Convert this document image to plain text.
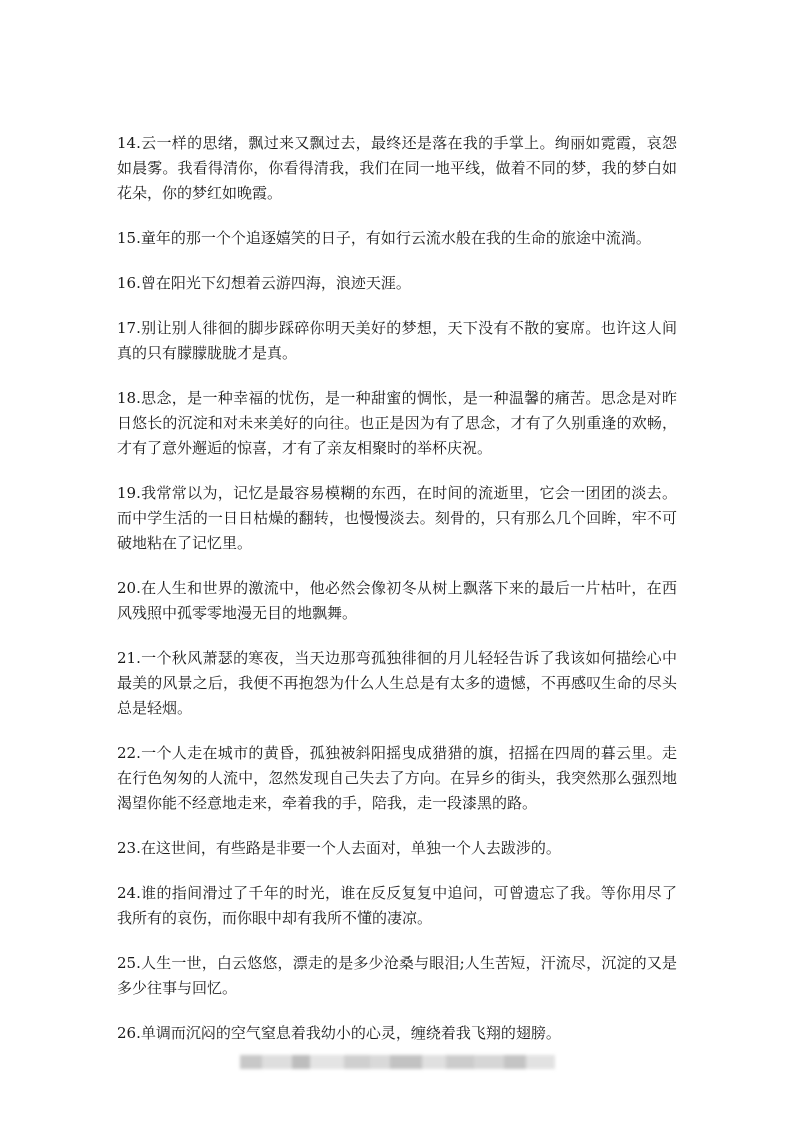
14.云一样的思绪，飘过来又飘过去，最终还是落在我的手掌上。绚丽如霓霞，哀怨如晨雾。我看得清你，你看得清我，我们在同一地平线，做着不同的梦，我的梦白如花朵，你的梦红如晚霞。

15.童年的那一个个追逐嬉笑的日子，有如行云流水般在我的生命的旅途中流淌。

16.曾在阳光下幻想着云游四海，浪迹天涯。

17.别让别人徘徊的脚步踩碎你明天美好的梦想，天下没有不散的宴席。也许这人间真的只有朦朦胧胧才是真。

18.思念，是一种幸福的忧伤，是一种甜蜜的惆怅，是一种温馨的痛苦。思念是对昨日悠长的沉淀和对未来美好的向往。也正是因为有了思念，才有了久别重逢的欢畅，才有了意外邂逅的惊喜，才有了亲友相聚时的举杯庆祝。

19.我常常以为，记忆是最容易模糊的东西，在时间的流逝里，它会一团团的淡去。而中学生活的一日日枯燥的翻转，也慢慢淡去。刻骨的，只有那么几个回眸，牢不可破地粘在了记忆里。

20.在人生和世界的激流中，他必然会像初冬从树上飘落下来的最后一片枯叶，在西风残照中孤零零地漫无目的地飘舞。

21.一个秋风萧瑟的寒夜，当天边那弯孤独徘徊的月儿轻轻告诉了我该如何描绘心中最美的风景之后，我便不再抱怨为什么人生总是有太多的遗憾，不再感叹生命的尽头总是轻烟。

22.一个人走在城市的黄昏，孤独被斜阳摇曳成猎猎的旗，招摇在四周的暮云里。走在行色匆匆的人流中，忽然发现自己失去了方向。在异乡的街头，我突然那么强烈地渴望你能不经意地走来，牵着我的手，陪我，走一段漆黑的路。

23.在这世间，有些路是非要一个人去面对，单独一个人去跋涉的。

24.谁的指间滑过了千年的时光，谁在反反复复中追问，可曾遗忘了我。等你用尽了我所有的哀伤，而你眼中却有我所不懂的凄凉。

25.人生一世，白云悠悠，漂走的是多少沧桑与眼泪;人生苦短，汗流尽，沉淀的又是多少往事与回忆。

26.单调而沉闷的空气窒息着我幼小的心灵，缠绕着我飞翔的翅膀。
